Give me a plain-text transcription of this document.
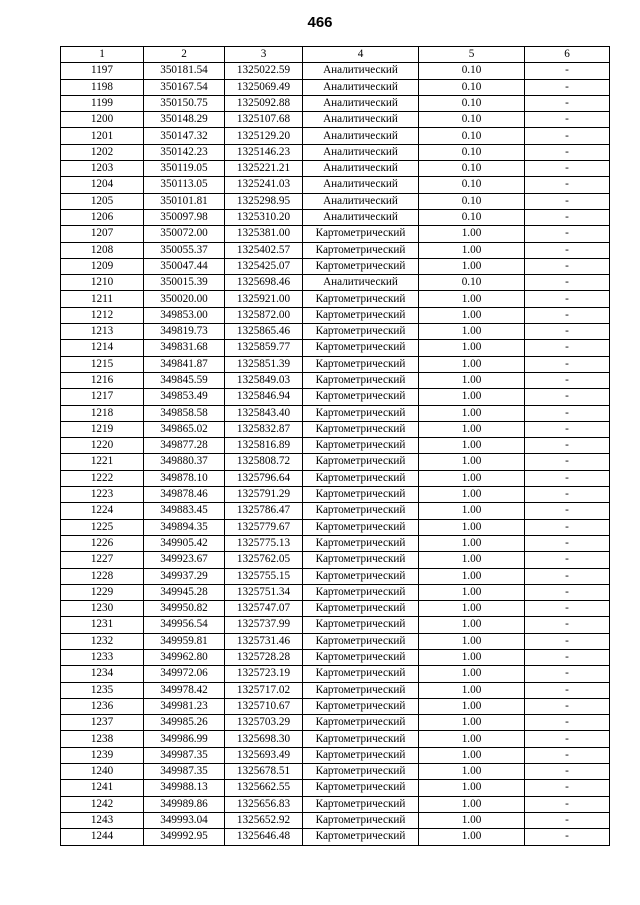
466
1	2	3	4	5	6
1197	350181.54	1325022.59	Аналитический	0.10	-
1198	350167.54	1325069.49	Аналитический	0.10	-
1199	350150.75	1325092.88	Аналитический	0.10	-
1200	350148.29	1325107.68	Аналитический	0.10	-
1201	350147.32	1325129.20	Аналитический	0.10	-
1202	350142.23	1325146.23	Аналитический	0.10	-
1203	350119.05	1325221.21	Аналитический	0.10	-
1204	350113.05	1325241.03	Аналитический	0.10	-
1205	350101.81	1325298.95	Аналитический	0.10	-
1206	350097.98	1325310.20	Аналитический	0.10	-
1207	350072.00	1325381.00	Картометрический	1.00	-
1208	350055.37	1325402.57	Картометрический	1.00	-
1209	350047.44	1325425.07	Картометрический	1.00	-
1210	350015.39	1325698.46	Аналитический	0.10	-
1211	350020.00	1325921.00	Картометрический	1.00	-
1212	349853.00	1325872.00	Картометрический	1.00	-
1213	349819.73	1325865.46	Картометрический	1.00	-
1214	349831.68	1325859.77	Картометрический	1.00	-
1215	349841.87	1325851.39	Картометрический	1.00	-
1216	349845.59	1325849.03	Картометрический	1.00	-
1217	349853.49	1325846.94	Картометрический	1.00	-
1218	349858.58	1325843.40	Картометрический	1.00	-
1219	349865.02	1325832.87	Картометрический	1.00	-
1220	349877.28	1325816.89	Картометрический	1.00	-
1221	349880.37	1325808.72	Картометрический	1.00	-
1222	349878.10	1325796.64	Картометрический	1.00	-
1223	349878.46	1325791.29	Картометрический	1.00	-
1224	349883.45	1325786.47	Картометрический	1.00	-
1225	349894.35	1325779.67	Картометрический	1.00	-
1226	349905.42	1325775.13	Картометрический	1.00	-
1227	349923.67	1325762.05	Картометрический	1.00	-
1228	349937.29	1325755.15	Картометрический	1.00	-
1229	349945.28	1325751.34	Картометрический	1.00	-
1230	349950.82	1325747.07	Картометрический	1.00	-
1231	349956.54	1325737.99	Картометрический	1.00	-
1232	349959.81	1325731.46	Картометрический	1.00	-
1233	349962.80	1325728.28	Картометрический	1.00	-
1234	349972.06	1325723.19	Картометрический	1.00	-
1235	349978.42	1325717.02	Картометрический	1.00	-
1236	349981.23	1325710.67	Картометрический	1.00	-
1237	349985.26	1325703.29	Картометрический	1.00	-
1238	349986.99	1325698.30	Картометрический	1.00	-
1239	349987.35	1325693.49	Картометрический	1.00	-
1240	349987.35	1325678.51	Картометрический	1.00	-
1241	349988.13	1325662.55	Картометрический	1.00	-
1242	349989.86	1325656.83	Картометрический	1.00	-
1243	349993.04	1325652.92	Картометрический	1.00	-
1244	349992.95	1325646.48	Картометрический	1.00	-
